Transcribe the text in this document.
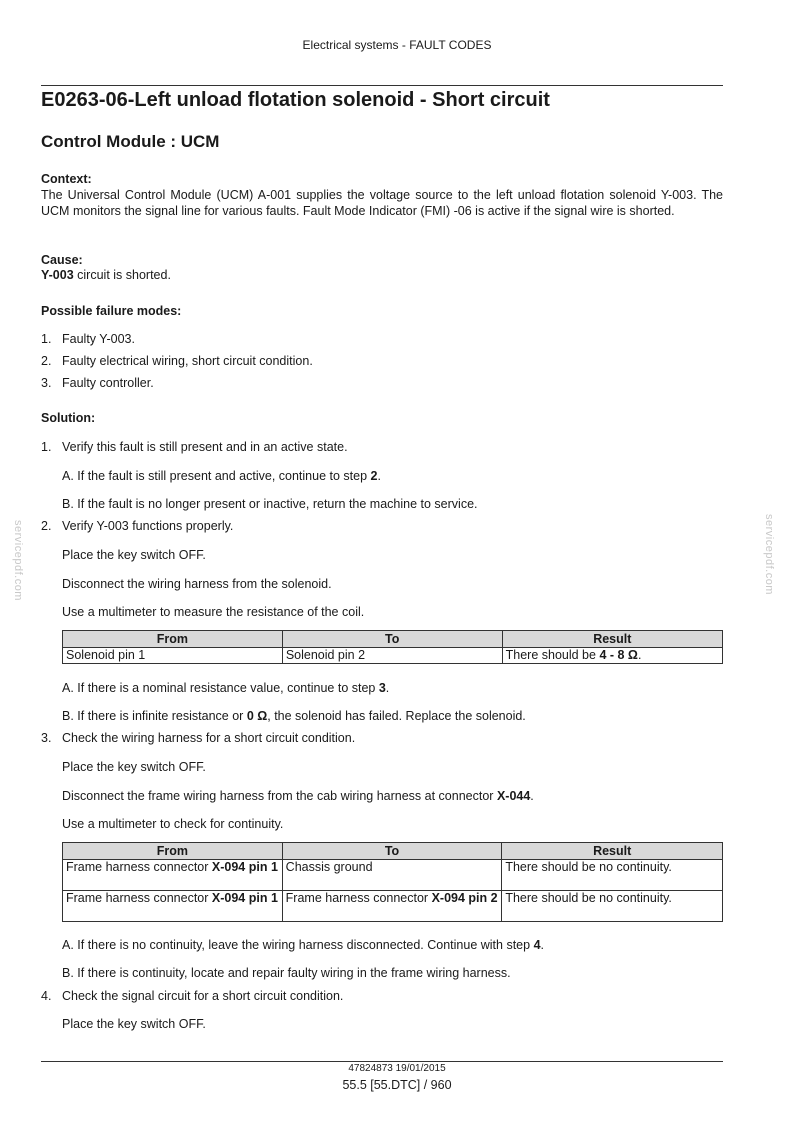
Electrical systems - FAULT CODES
E0263-06-Left unload flotation solenoid - Short circuit
Control Module : UCM
Context:
The Universal Control Module (UCM) A-001 supplies the voltage source to the left unload flotation solenoid Y-003. The UCM monitors the signal line for various faults. Fault Mode Indicator (FMI) -06 is active if the signal wire is shorted.
Cause:
Y-003 circuit is shorted.
Possible failure modes:
1. Faulty Y-003.
2. Faulty electrical wiring, short circuit condition.
3. Faulty controller.
Solution:
1. Verify this fault is still present and in an active state.
A. If the fault is still present and active, continue to step 2.
B. If the fault is no longer present or inactive, return the machine to service.
servicepdf.com	servicepdf.com
2. Verify Y-003 functions properly.
Place the key switch OFF.
Disconnect the wiring harness from the solenoid.
Use a multimeter to measure the resistance of the coil.
From	To	Result
Solenoid pin 1	Solenoid pin 2	There should be 4 - 8 Ω.
A. If there is a nominal resistance value, continue to step 3.
B. If there is infinite resistance or 0 Ω, the solenoid has failed. Replace the solenoid.
3. Check the wiring harness for a short circuit condition.
Place the key switch OFF.
Disconnect the frame wiring harness from the cab wiring harness at connector X-044.
Use a multimeter to check for continuity.
From	To	Result
Frame harness connector X-094 pin 1	Chassis ground	There should be no continuity.
Frame harness connector X-094 pin 1	Frame harness connector X-094 pin 2	There should be no continuity.
A. If there is no continuity, leave the wiring harness disconnected. Continue with step 4.
B. If there is continuity, locate and repair faulty wiring in the frame wiring harness.
4. Check the signal circuit for a short circuit condition.
Place the key switch OFF.
47824873 19/01/2015
55.5 [55.DTC] / 960
